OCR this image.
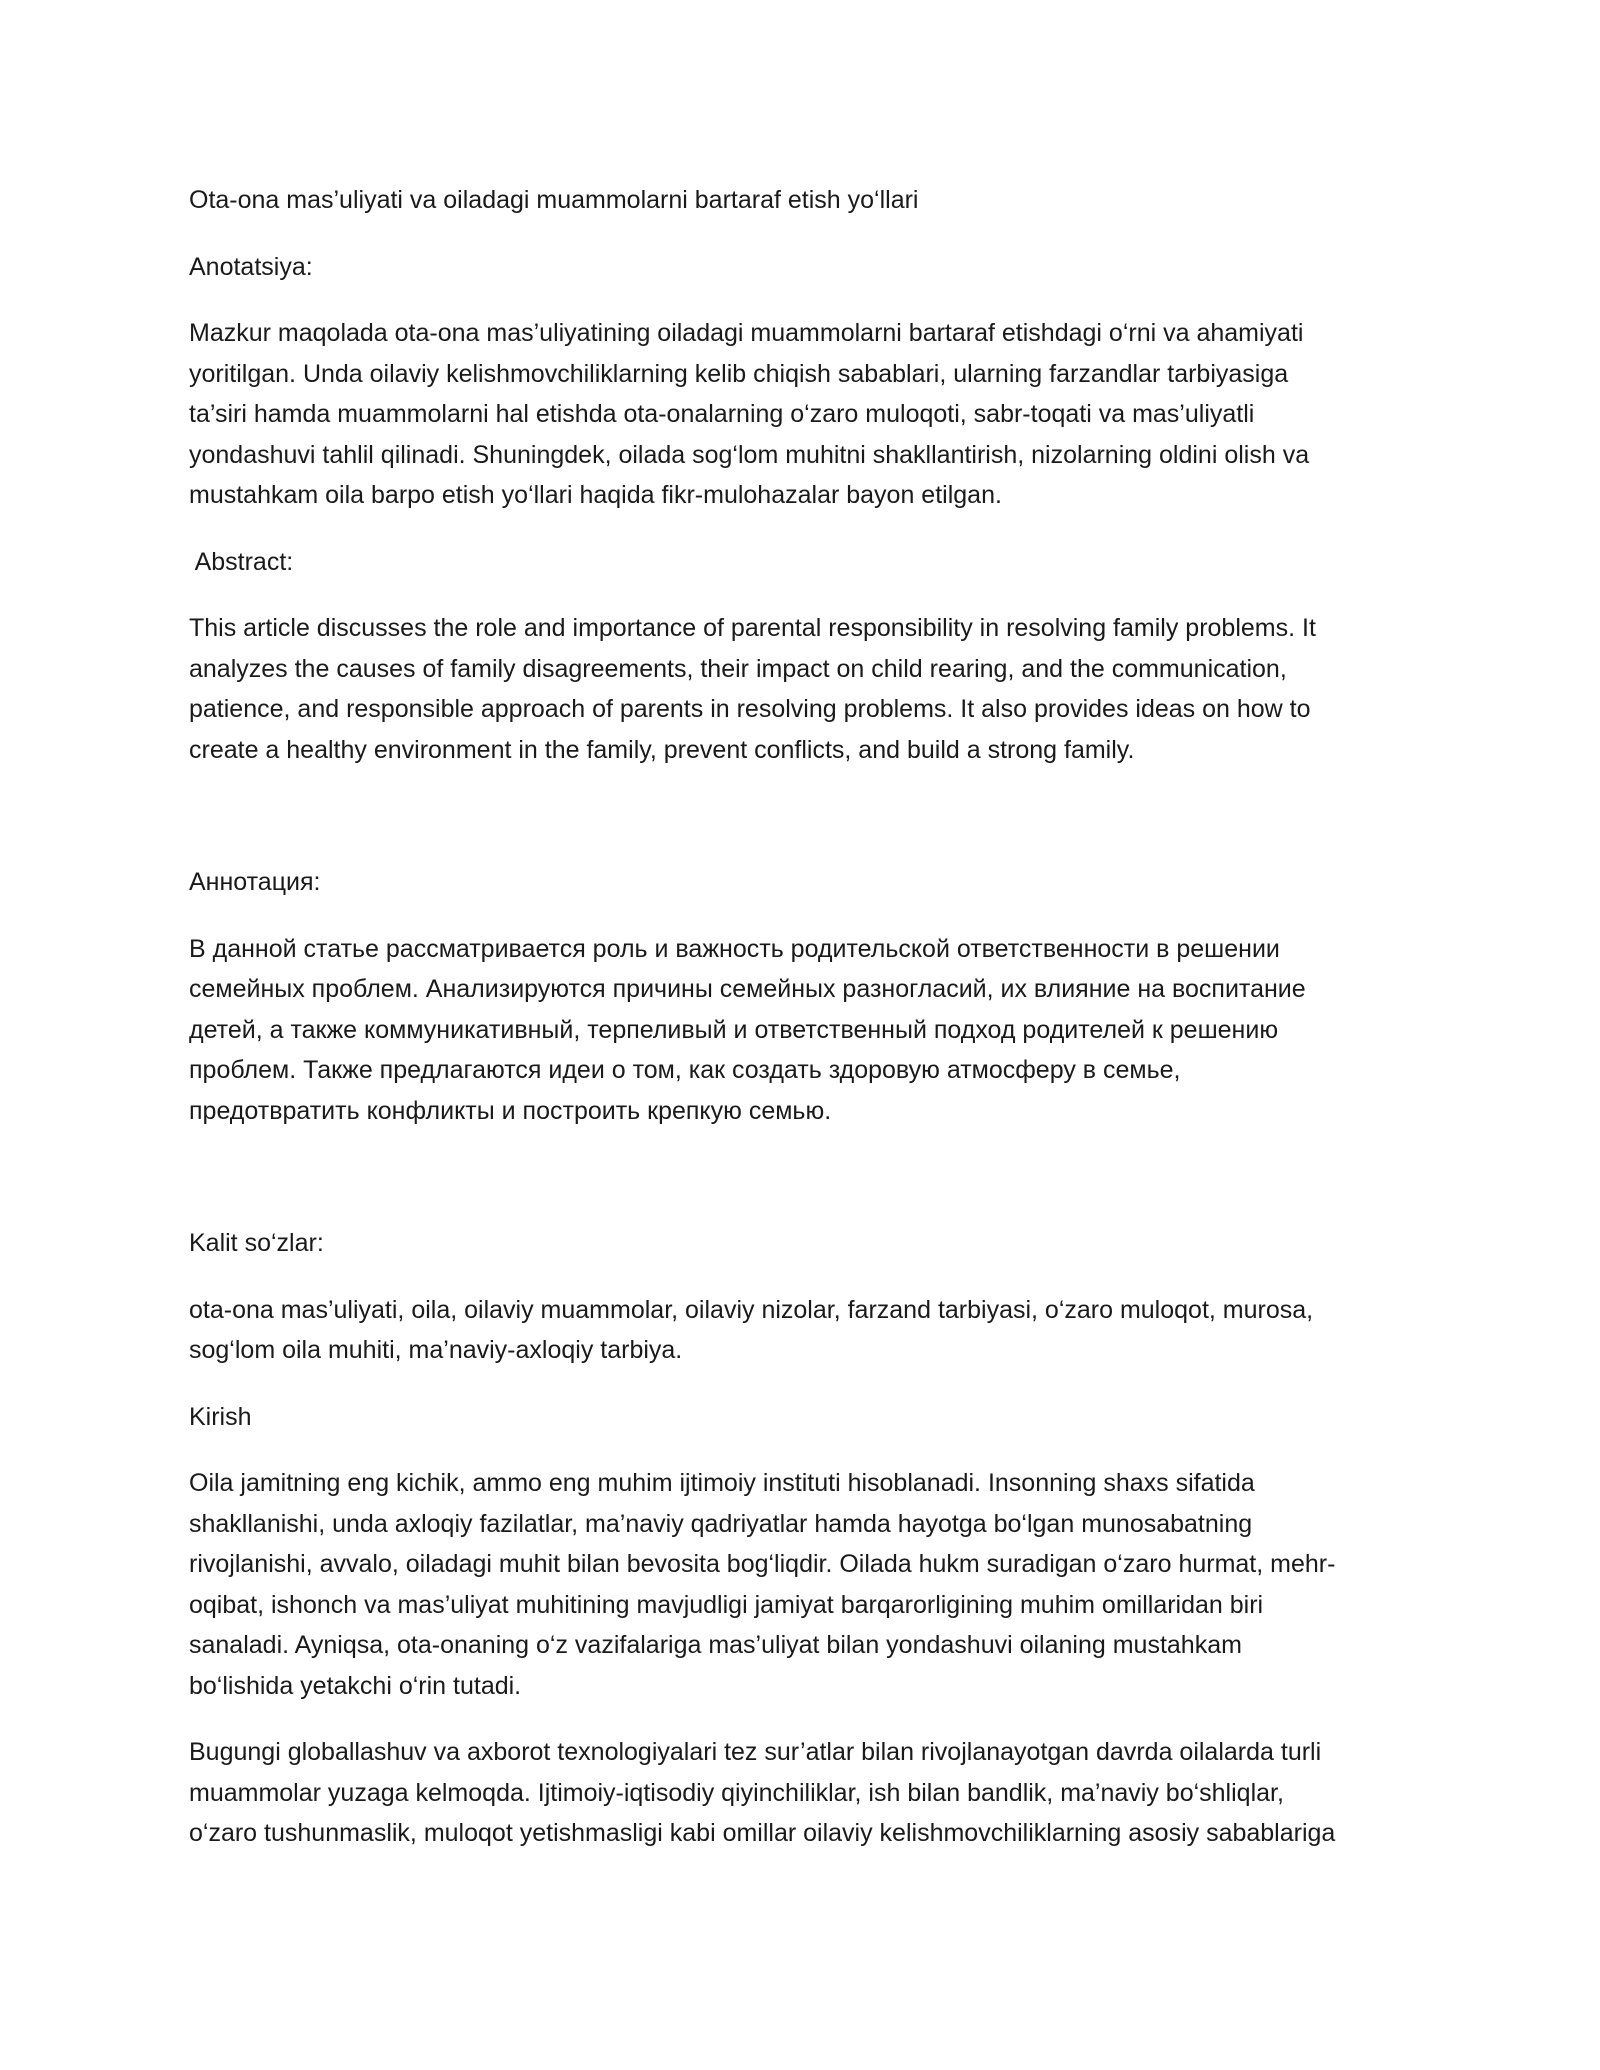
Ota-ona mas’uliyati va oiladagi muammolarni bartaraf etish yo‘llari
Anotatsiya:
Mazkur maqolada ota-ona mas’uliyatining oiladagi muammolarni bartaraf etishdagi o‘rni va ahamiyati
yoritilgan. Unda oilaviy kelishmovchiliklarning kelib chiqish sabablari, ularning farzandlar tarbiyasiga
ta’siri hamda muammolarni hal etishda ota-onalarning o‘zaro muloqoti, sabr-toqati va mas’uliyatli
yondashuvi tahlil qilinadi. Shuningdek, oilada sog‘lom muhitni shakllantirish, nizolarning oldini olish va
mustahkam oila barpo etish yo‘llari haqida fikr-mulohazalar bayon etilgan.
Abstract:
This article discusses the role and importance of parental responsibility in resolving family problems. It
analyzes the causes of family disagreements, their impact on child rearing, and the communication,
patience, and responsible approach of parents in resolving problems. It also provides ideas on how to
create a healthy environment in the family, prevent conflicts, and build a strong family.
Аннотация:
В данной статье рассматривается роль и важность родительской ответственности в решении
семейных проблем. Анализируются причины семейных разногласий, их влияние на воспитание
детей, а также коммуникативный, терпеливый и ответственный подход родителей к решению
проблем. Также предлагаются идеи о том, как создать здоровую атмосферу в семье,
предотвратить конфликты и построить крепкую семью.
Kalit so‘zlar:
ota-ona mas’uliyati, oila, oilaviy muammolar, oilaviy nizolar, farzand tarbiyasi, o‘zaro muloqot, murosa,
sog‘lom oila muhiti, ma’naviy-axloqiy tarbiya.
Kirish
Oila jamitning eng kichik, ammo eng muhim ijtimoiy instituti hisoblanadi. Insonning shaxs sifatida
shakllanishi, unda axloqiy fazilatlar, ma’naviy qadriyatlar hamda hayotga bo‘lgan munosabatning
rivojlanishi, avvalo, oiladagi muhit bilan bevosita bog‘liqdir. Oilada hukm suradigan o‘zaro hurmat, mehr-
oqibat, ishonch va mas’uliyat muhitining mavjudligi jamiyat barqarorligining muhim omillaridan biri
sanaladi. Ayniqsa, ota-onaning o‘z vazifalariga mas’uliyat bilan yondashuvi oilaning mustahkam
bo‘lishida yetakchi o‘rin tutadi.
Bugungi globallashuv va axborot texnologiyalari tez sur’atlar bilan rivojlanayotgan davrda oilalarda turli
muammolar yuzaga kelmoqda. Ijtimoiy-iqtisodiy qiyinchiliklar, ish bilan bandlik, ma’naviy bo‘shliqlar,
o‘zaro tushunmaslik, muloqot yetishmasligi kabi omillar oilaviy kelishmovchiliklarning asosiy sabablariga
